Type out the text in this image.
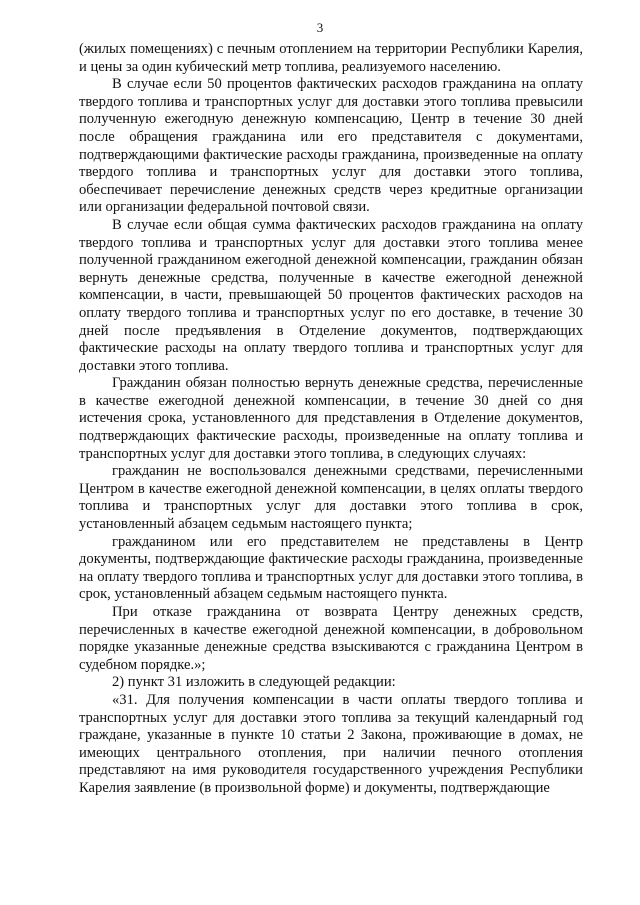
3

(жилых помещениях) с печным отоплением на территории Республики Карелия, и цены за один кубический метр топлива, реализуемого населению.

В случае если 50 процентов фактических расходов гражданина на оплату твердого топлива и транспортных услуг для доставки этого топлива превысили полученную ежегодную денежную компенсацию, Центр в течение 30 дней после обращения гражданина или его представителя с документами, подтверждающими фактические расходы гражданина, произведенные на оплату твердого топлива и транспортных услуг для доставки этого топлива, обеспечивает перечисление денежных средств через кредитные организации или организации федеральной почтовой связи.

В случае если общая сумма фактических расходов гражданина на оплату твердого топлива и транспортных услуг для доставки этого топлива менее полученной гражданином ежегодной денежной компенсации, гражданин обязан вернуть денежные средства, полученные в качестве ежегодной денежной компенсации, в части, превышающей 50 процентов фактических расходов на оплату твердого топлива и транспортных услуг по его доставке, в течение 30 дней после предъявления в Отделение документов, подтверждающих фактические расходы на оплату твердого топлива и транспортных услуг для доставки этого топлива.

Гражданин обязан полностью вернуть денежные средства, перечисленные в качестве ежегодной денежной компенсации, в течение 30 дней со дня истечения срока, установленного для представления в Отделение документов, подтверждающих фактические расходы, произведенные на оплату топлива и транспортных услуг для доставки этого топлива, в следующих случаях:

гражданин не воспользовался денежными средствами, перечисленными Центром в качестве ежегодной денежной компенсации, в целях оплаты твердого топлива и транспортных услуг для доставки этого топлива в срок, установленный абзацем седьмым настоящего пункта;

гражданином или его представителем не представлены в Центр документы, подтверждающие фактические расходы гражданина, произведенные на оплату твердого топлива и транспортных услуг для доставки этого топлива, в срок, установленный абзацем седьмым настоящего пункта.

При отказе гражданина от возврата Центру денежных средств, перечисленных в качестве ежегодной денежной компенсации, в добровольном порядке указанные денежные средства взыскиваются с гражданина Центром в судебном порядке.»;

2) пункт 31 изложить в следующей редакции:

«31. Для получения компенсации в части оплаты твердого топлива и транспортных услуг для доставки этого топлива за текущий календарный год граждане, указанные в пункте 10 статьи 2 Закона, проживающие в домах, не имеющих центрального отопления, при наличии печного отопления представляют на имя руководителя государственного учреждения Республики Карелия заявление (в произвольной форме) и документы, подтверждающие
